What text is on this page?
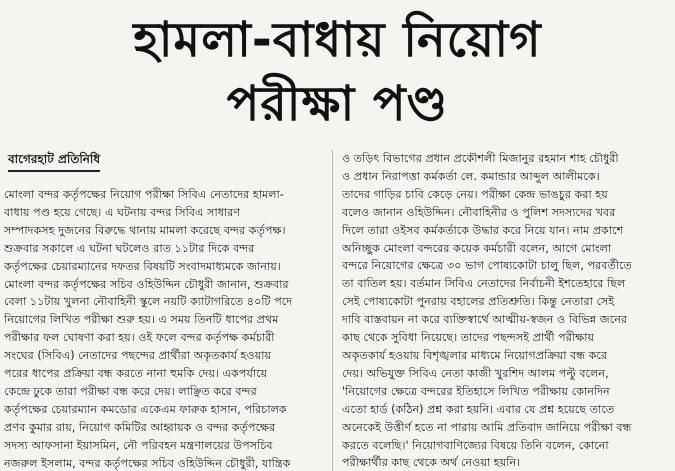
হামলা-বাধায় নিয়োগ
পরীক্ষা পণ্ড
বাগেরহাট প্রতিনিধি
মোংলা বন্দর কর্তৃপক্ষের নিয়োগ পরীক্ষা সিবিএ নেতাদের হামলা-
বাধায় পণ্ড হয়ে গেছে। এ ঘটনায় বন্দর সিবিএ সাধারণ
সম্পাদকসহ দুজনের বিরুদ্ধে থানায় মামলা করেছে বন্দর কর্তৃপক্ষ।
শুক্রবার সকালে এ ঘটনা ঘটলেও রাত ১১টার দিকে বন্দর
কর্তৃপক্ষের চেয়ারম্যানের দফতর বিষয়টি সংবাদমাধ্যমকে জানায়।
মোংলা বন্দর কর্তৃপক্ষের সচিব ওহিউদ্দিন চৌধুরী জানান, শুক্রবার
বেলা ১১টায় খুলনা নৌবাহিনী স্কুলে নয়টি ক্যাটাগরিতে ৪০টি পদে
নিয়োগের লিখিত পরীক্ষা শুরু হয়। এ সময় তিনটি ধাপের প্রথম
পরীক্ষার ফল ঘোষণা করা হয়। ওই ফলে বন্দর কর্তৃপক্ষ কর্মচারী
সংঘের (সিবিএ) নেতাদের পছন্দের প্রার্থীরা অকৃতকার্য হওয়ায়
পরের ধাপের প্রক্রিয়া বন্ধ করতে নানা হুমকি দেয়। একপর্যায়ে
কেন্দ্রে ঢুকে তারা পরীক্ষা বন্ধ করে দেয়। লাঞ্ছিত করে বন্দর
কর্তৃপক্ষের চেয়ারম্যান কমডোর একেএম ফারুক হাসান, পরিচালক
প্রণব কুমার রায়, নিয়োগ কমিটির আহ্বায়ক ও বন্দর কর্তৃপক্ষের
সদস্য আফসানা ইয়াসমিন, নৌ পরিবহন মন্ত্রণালয়ের উপসচিব
নজরুল ইসলাম, বন্দর কর্তৃপক্ষের সচিব ওহিউদ্দিন চৌধুরী, যান্ত্রিক
ও তড়িৎ বিভাগের প্রধান প্রকৌশলী মিজানুর রহমান শাহ চৌধুরী
ও প্রধান নিরাপত্তা কর্মকর্তা লে. কমান্ডার আব্দুল আলীমকে।
তাদের গাড়ির চাবি কেড়ে নেয়। পরীক্ষা কেন্দ্র ভাঙচুর করা হয়
বলেও জানান ওহিউদ্দিন। নৌবাহিনীর ও পুলিশ সদস্যদের খবর
দিলে তারা ওইসব কর্মকর্তাকে উদ্ধার করে নিয়ে যান। নাম প্রকাশে
অনিচ্ছুক মোংলা বন্দরের কয়েক কর্মচারী বলেন, আগে মোংলা
বন্দরে নিয়োগের ক্ষেত্রে ৩০ ভাগ পোষ্যকোটা চালু ছিল, পরবর্তীতে
তা বাতিল হয়। বর্তমান সিবিএ নেতাদের নির্বাচনী ইশতেহারে ছিল
সেই পোষ্যকোটা পুনরায় বহালের প্রতিশ্রুতি। কিন্তু নেতারা সেই
দাবি বাস্তবায়ন না করে ব্যক্তিস্বার্থে আত্মীয়-স্বজন ও বিভিন্ন জনের
কাছ থেকে সুবিধা নিয়েছে। তাদের পছন্দসই প্রার্থী পরীক্ষায়
অকৃতকার্য হওয়ায় বিশৃঙ্খলার মাধ্যমে নিয়োগপ্রক্রিয়া বন্ধ করে
দেয়। অভিযুক্ত সিবিএ নেতা কাজী খুরশিদ আলম পল্টু বলেন,
'নিয়োগের ক্ষেত্রে বন্দরের ইতিহাসে লিখিত পরীক্ষায় কোনদিন
এতো হার্ড (কঠিন) প্রশ্ন করা হয়নি। এবার যে প্রশ্ন হয়েছে তাতে
অনেকেই উত্তীর্ণ হতে না পারায় আমি প্রতিবাদ জানিয়ে পরীক্ষা বন্ধ
করতে বলেছি।' নিয়োগবাণিজ্যের বিষয়ে তিনি বলেন, কোনো
পরীক্ষার্থীর কাছ থেকে অর্থ নেওয়া হয়নি।
